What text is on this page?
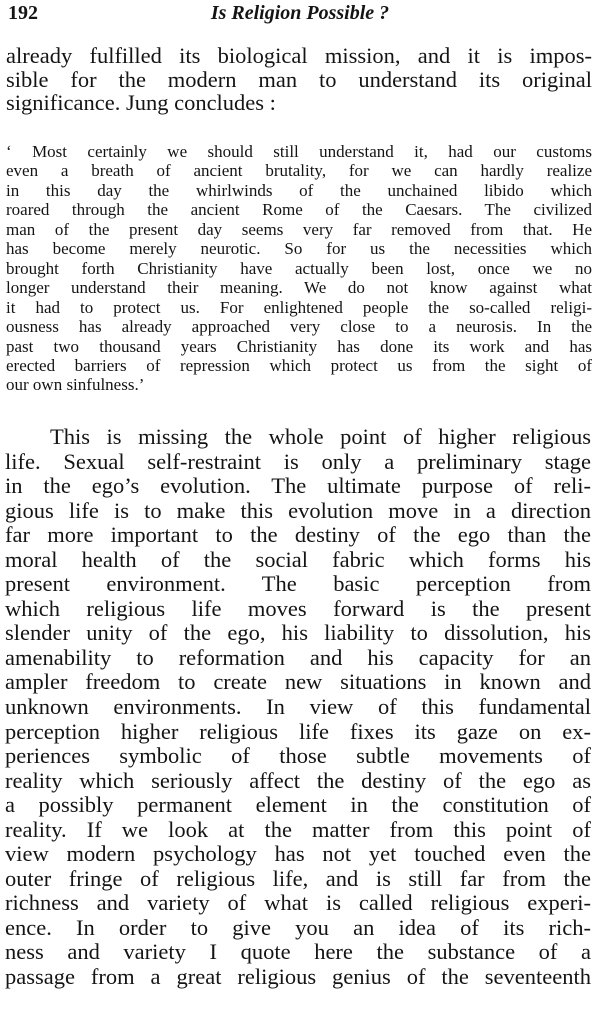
192	Is Religion Possible ?
already fulfilled its biological mission, and it is impos-
sible for the modern man to understand its original
significance. Jung concludes :
‘ Most certainly we should still understand it, had our customs
even a breath of ancient brutality, for we can hardly realize
in this day the whirlwinds of the unchained libido which
roared through the ancient Rome of the Caesars. The civilized
man of the present day seems very far removed from that. He
has become merely neurotic. So for us the necessities which
brought forth Christianity have actually been lost, once we no
longer understand their meaning. We do not know against what
it had to protect us. For enlightened people the so-called religi-
ousness has already approached very close to a neurosis. In the
past two thousand years Christianity has done its work and has
erected barriers of repression which protect us from the sight of
our own sinfulness.’
This is missing the whole point of higher religious
life. Sexual self-restraint is only a preliminary stage
in the ego’s evolution. The ultimate purpose of reli-
gious life is to make this evolution move in a direction
far more important to the destiny of the ego than the
moral health of the social fabric which forms his
present environment. The basic perception from
which religious life moves forward is the present
slender unity of the ego, his liability to dissolution, his
amenability to reformation and his capacity for an
ampler freedom to create new situations in known and
unknown environments. In view of this fundamental
perception higher religious life fixes its gaze on ex-
periences symbolic of those subtle movements of
reality which seriously affect the destiny of the ego as
a possibly permanent element in the constitution of
reality. If we look at the matter from this point of
view modern psychology has not yet touched even the
outer fringe of religious life, and is still far from the
richness and variety of what is called religious experi-
ence. In order to give you an idea of its rich-
ness and variety I quote here the substance of a
passage from a great religious genius of the seventeenth
